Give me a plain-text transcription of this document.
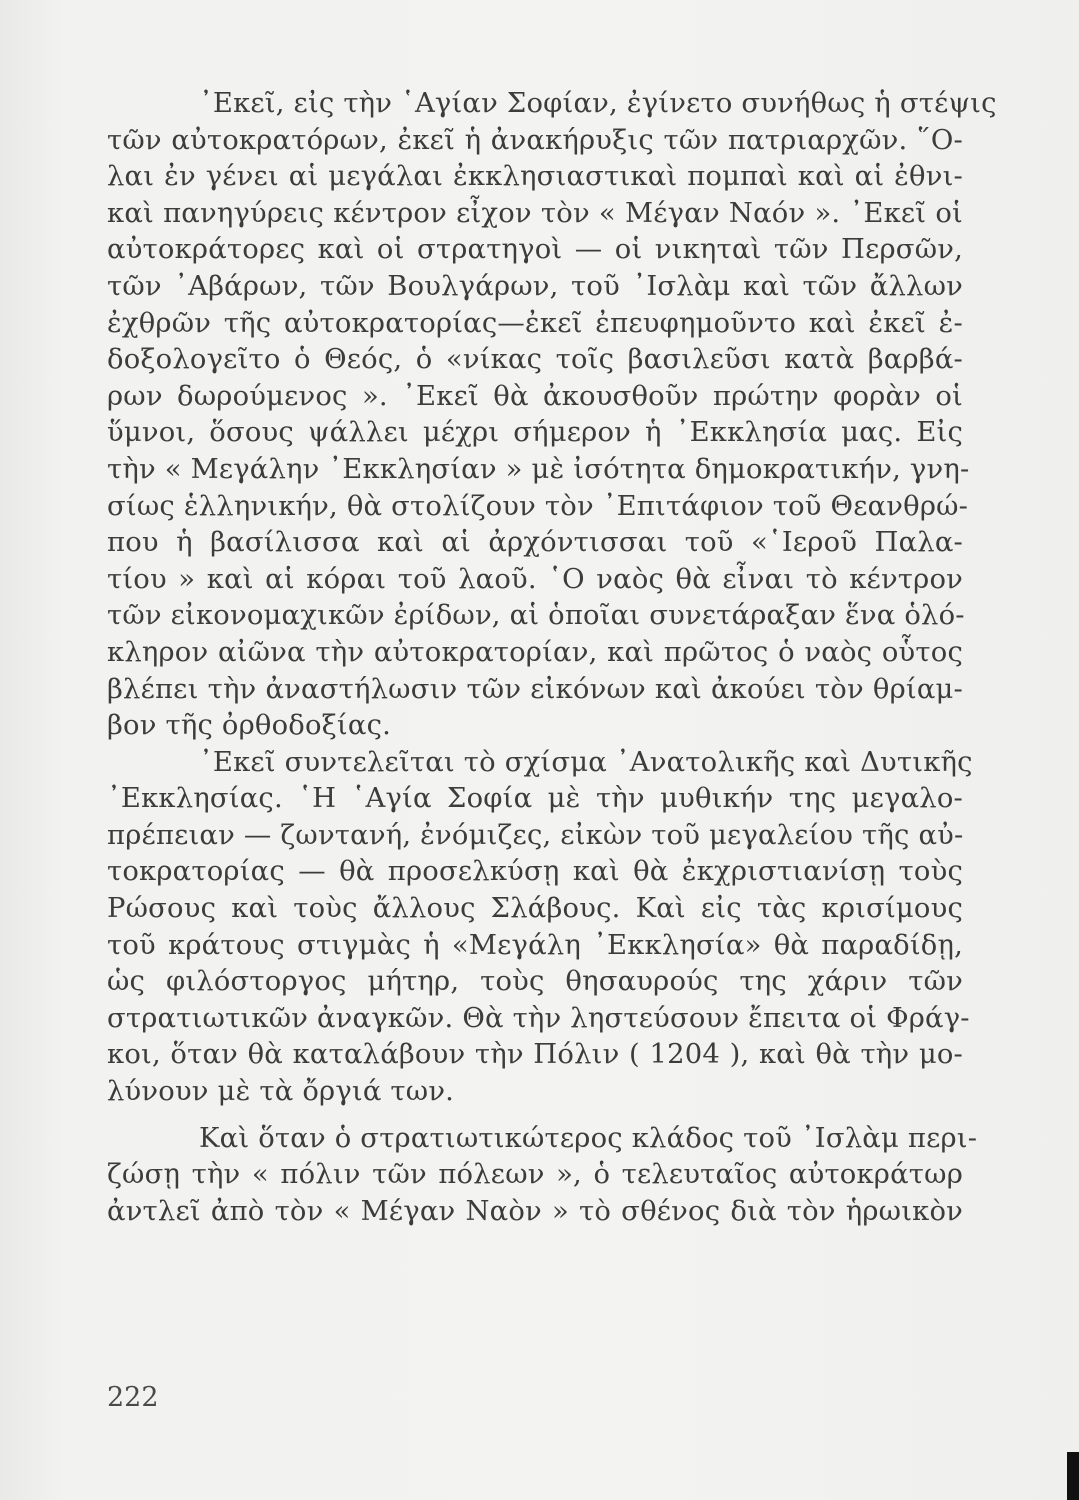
᾿Εκεῖ, εἰς τὴν ῾Αγίαν Σοφίαν, ἐγίνετο συνήθως ἡ στέψις
τῶν αὐτοκρατόρων, ἐκεῖ ἡ ἀνακήρυξις τῶν πατριαρχῶν. ῞Ο-
λαι ἐν γένει αἱ μεγάλαι ἐκκλησιαστικαὶ πομπαὶ καὶ αἱ ἐθνι-
καὶ πανηγύρεις κέντρον εἶχον τὸν « Μέγαν Ναόν ». ᾿Εκεῖ οἱ
αὐτοκράτορες καὶ οἱ στρατηγοὶ — οἱ νικηταὶ τῶν Περσῶν,
τῶν ᾿Αβάρων, τῶν Βουλγάρων, τοῦ ᾿Ισλὰμ καὶ τῶν ἄλλων
ἐχθρῶν τῆς αὐτοκρατορίας—ἐκεῖ ἐπευφημοῦντο καὶ ἐκεῖ ἐ-
δοξολογεῖτο ὁ Θεός, ὁ «νίκας τοῖς βασιλεῦσι κατὰ βαρβά-
ρων δωρούμενος ». ᾿Εκεῖ θὰ ἀκουσθοῦν πρώτην φορὰν οἱ
ὕμνοι, ὅσους ψάλλει μέχρι σήμερον ἡ ᾿Εκκλησία μας. Εἰς
τὴν « Μεγάλην ᾿Εκκλησίαν » μὲ ἰσότητα δημοκρατικήν, γνη-
σίως ἑλληνικήν, θὰ στολίζουν τὸν ᾿Επιτάφιον τοῦ Θεανθρώ-
που ἡ βασίλισσα καὶ αἱ ἀρχόντισσαι τοῦ «῾Ιεροῦ Παλα-
τίου » καὶ αἱ κόραι τοῦ λαοῦ. ῾Ο ναὸς θὰ εἶναι τὸ κέντρον
τῶν εἰκονομαχικῶν ἐρίδων, αἱ ὁποῖαι συνετάραξαν ἕνα ὁλό-
κληρον αἰῶνα τὴν αὐτοκρατορίαν, καὶ πρῶτος ὁ ναὸς οὗτος
βλέπει τὴν ἀναστήλωσιν τῶν εἰκόνων καὶ ἀκούει τὸν θρίαμ-
βον τῆς ὀρθοδοξίας.
᾿Εκεῖ συντελεῖται τὸ σχίσμα ᾿Ανατολικῆς καὶ Δυτικῆς
᾿Εκκλησίας. ῾Η ῾Αγία Σοφία μὲ τὴν μυθικήν της μεγαλο-
πρέπειαν — ζωντανή, ἐνόμιζες, εἰκὼν τοῦ μεγαλείου τῆς αὐ-
τοκρατορίας — θὰ προσελκύσῃ καὶ θὰ ἐκχριστιανίσῃ τοὺς
Ρώσους καὶ τοὺς ἄλλους Σλάβους. Καὶ εἰς τὰς κρισίμους
τοῦ κράτους στιγμὰς ἡ «Μεγάλη ᾿Εκκλησία» θὰ παραδίδῃ,
ὡς φιλόστοργος μήτηρ, τοὺς θησαυρούς της χάριν τῶν
στρατιωτικῶν ἀναγκῶν. Θὰ τὴν ληστεύσουν ἔπειτα οἱ Φράγ-
κοι, ὅταν θὰ καταλάβουν τὴν Πόλιν ( 1204 ), καὶ θὰ τὴν μο-
λύνουν μὲ τὰ ὄργιά των.
Καὶ ὅταν ὁ στρατιωτικώτερος κλάδος τοῦ ᾿Ισλὰμ περι-
ζώσῃ τὴν « πόλιν τῶν πόλεων », ὁ τελευταῖος αὐτοκράτωρ
ἀντλεῖ ἀπὸ τὸν « Μέγαν Ναὸν » τὸ σθένος διὰ τὸν ἡρωικὸν
222
